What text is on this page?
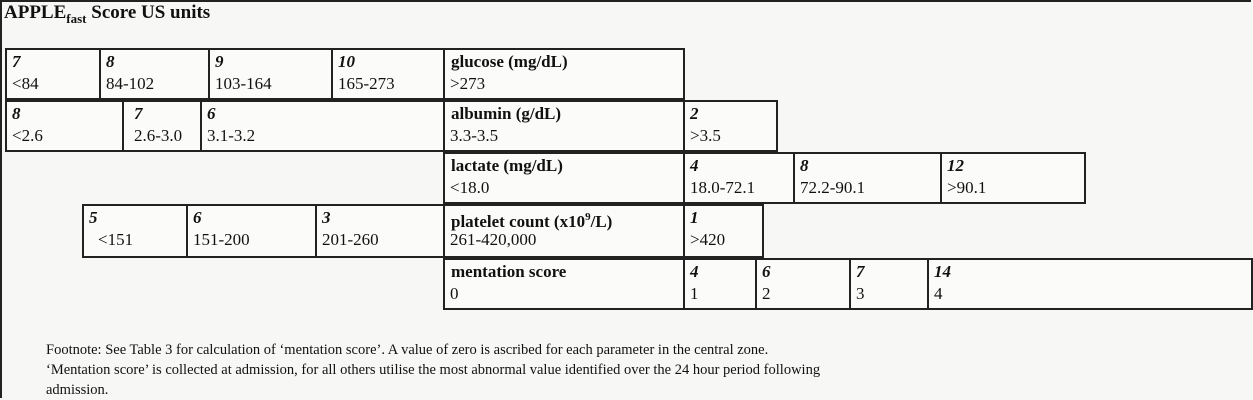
$APPLE_{fast}$ Score US units
7
<84
8
84-102
9
103-164
10
165-273
glucose (mg/dL)
>273
8
<2.6
7
2.6-3.0
6
3.1-3.2
albumin (g/dL)
3.3-3.5
2
>3.5
lactate (mg/dL)
<18.0
4
18.0-72.1
8
72.2-90.1
12
>90.1
5
<151
6
151-200
3
201-260
platelet count $(x10^9/L)$
261-420,000
1
>420
mentation score
0
4
1
6
2
7
3
14
4
Footnote: See Table 3 for calculation of ‘mentation score’. A value of zero is ascribed for each parameter in the central zone.
‘Mentation score’ is collected at admission, for all others utilise the most abnormal value identified over the 24 hour period following
admission.
